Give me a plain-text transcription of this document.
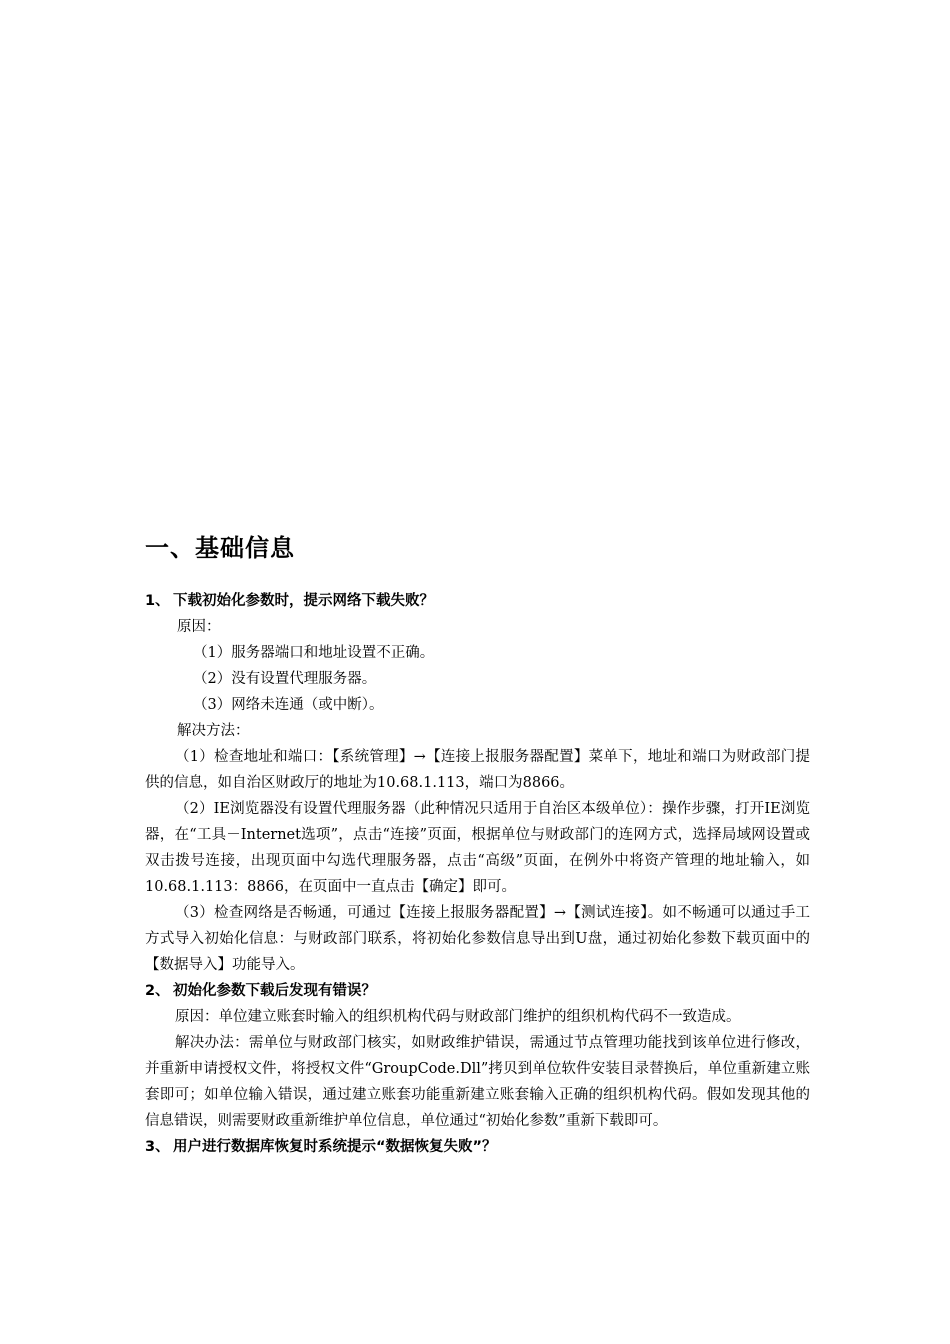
一、基础信息
1、 下载初始化参数时，提示网络下载失败？

原因：

（1）服务器端口和地址设置不正确。

（2）没有设置代理服务器。

（3）网络未连通（或中断）。

解决方法：

（1）检查地址和端口：【系统管理】→【连接上报服务器配置】菜单下，地址和端口为财政部门提供的信息，如自治区财政厅的地址为10.68.1.113，端口为8866。

（2）IE浏览器没有设置代理服务器（此种情况只适用于自治区本级单位）：操作步骤，打开IE浏览器，在“工具－Internet选项”，点击“连接”页面，根据单位与财政部门的连网方式，选择局域网设置或双击拨号连接，出现页面中勾选代理服务器，点击“高级”页面，在例外中将资产管理的地址输入，如 10.68.1.113：8866，在页面中一直点击【确定】即可。

（3）检查网络是否畅通，可通过【连接上报服务器配置】→【测试连接】。如不畅通可以通过手工方式导入初始化信息：与财政部门联系，将初始化参数信息导出到U盘，通过初始化参数下载页面中的【数据导入】功能导入。

2、 初始化参数下载后发现有错误？

原因：单位建立账套时输入的组织机构代码与财政部门维护的组织机构代码不一致造成。

解决办法：需单位与财政部门核实，如财政维护错误，需通过节点管理功能找到该单位进行修改，并重新申请授权文件，将授权文件“GroupCode.Dll”拷贝到单位软件安装目录替换后，单位重新建立账套即可；如单位输入错误，通过建立账套功能重新建立账套输入正确的组织机构代码。假如发现其他的信息错误，则需要财政重新维护单位信息，单位通过“初始化参数”重新下载即可。

3、 用户进行数据库恢复时系统提示“数据恢复失败”？
